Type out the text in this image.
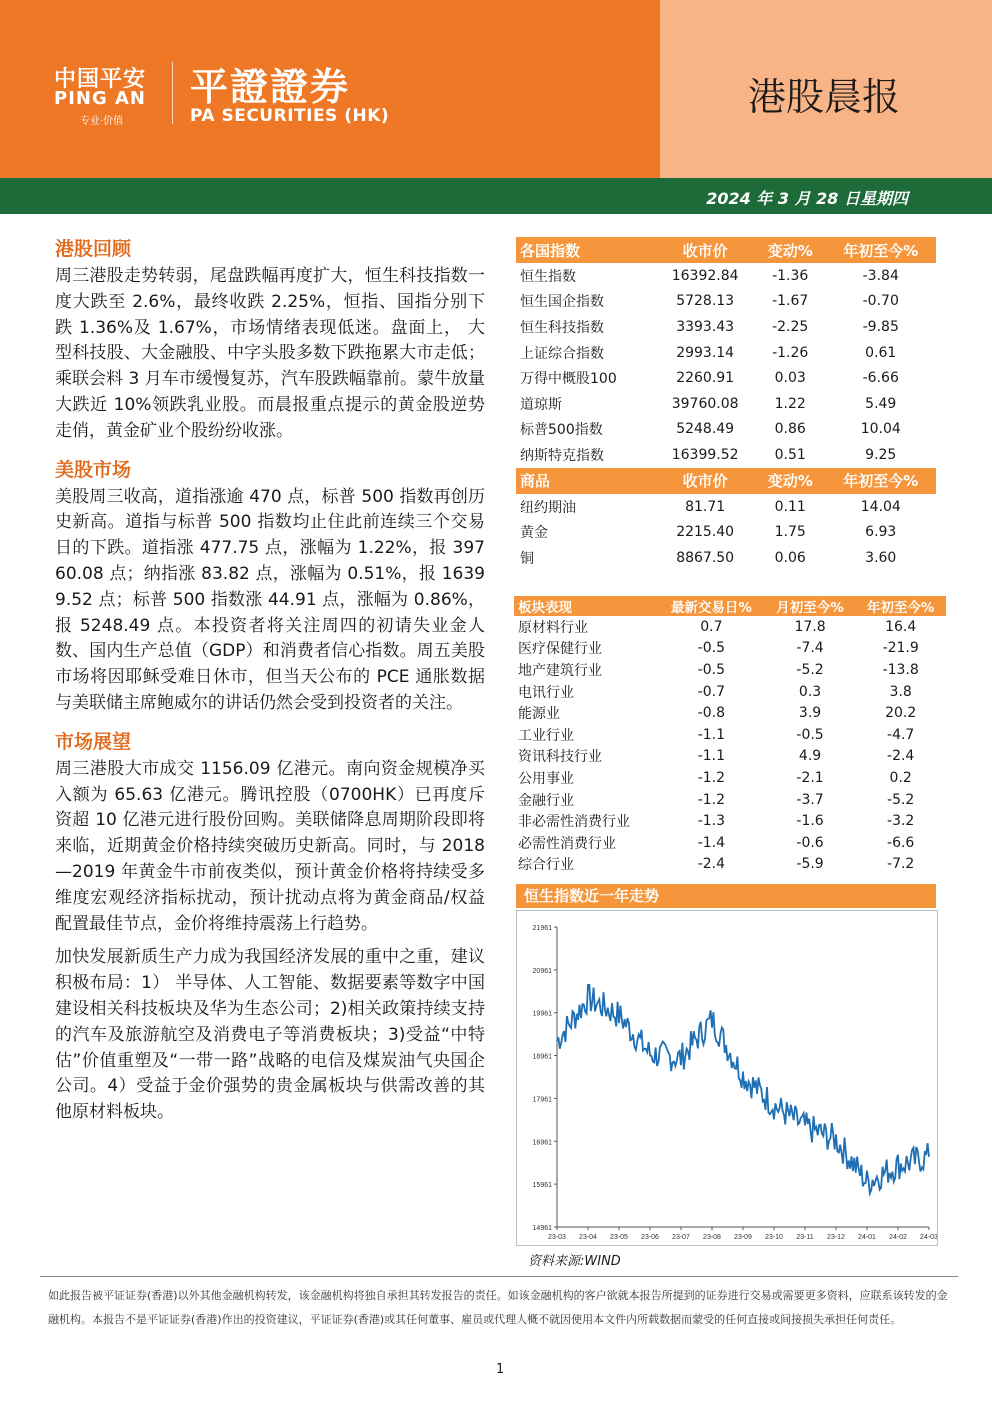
中国平安
PING AN
专业·价值
平證證券
PA SECURITIES (HK)	港股晨报
2024 年 3 月 28 日星期四
港股回顾

周三港股走势转弱，尾盘跌幅再度扩大，恒生科技指数一度大跌至 2.6%，最终收跌 2.25%，恒指、国指分别下跌 1.36%及 1.67%，市场情绪表现低迷。盘面上， 大型科技股、大金融股、中字头股多数下跌拖累大市走低；乘联会料 3 月车市缓慢复苏，汽车股跌幅靠前。蒙牛放量大跌近 10%领跌乳业股。而晨报重点提示的黄金股逆势走俏，黄金矿业个股纷纷收涨。

美股市场

美股周三收高，道指涨逾 470 点，标普 500 指数再创历史新高。道指与标普 500 指数均止住此前连续三个交易日的下跌。道指涨 477.75 点，涨幅为 1.22%，报 39760.08 点；纳指涨 83.82 点，涨幅为 0.51%，报 16399.52 点；标普 500 指数涨 44.91 点，涨幅为 0.86%，报 5248.49 点。本投资者将关注周四的初请失业金人数、国内生产总值（GDP）和消费者信心指数。周五美股市场将因耶稣受难日休市，但当天公布的 PCE 通胀数据与美联储主席鲍威尔的讲话仍然会受到投资者的关注。

市场展望

周三港股大市成交 1156.09 亿港元。南向资金规模净买入额为 65.63 亿港元。腾讯控股（0700HK）已再度斥资超 10 亿港元进行股份回购。美联储降息周期阶段即将来临，近期黄金价格持续突破历史新高。同时，与 2018—2019 年黄金牛市前夜类似，预计黄金价格将持续受多维度宏观经济指标扰动，预计扰动点将为黄金商品/权益配置最佳节点，金价将维持震荡上行趋势。

加快发展新质生产力成为我国经济发展的重中之重，建议积极布局：1） 半导体、人工智能、数据要素等数字中国建设相关科技板块及华为生态公司；2)相关政策持续支持的汽车及旅游航空及消费电子等消费板块；3)受益“中特估”价值重塑及“一带一路”战略的电信及煤炭油气央国企公司。4）受益于金价强势的贵金属板块与供需改善的其他原材料板块。

各国指数	收市价	变动%	年初至今%
恒生指数	16392.84	-1.36	-3.84
恒生国企指数	5728.13	-1.67	-0.70
恒生科技指数	3393.43	-2.25	-9.85
上证综合指数	2993.14	-1.26	0.61
万得中概股100	2260.91	0.03	-6.66
道琼斯	39760.08	1.22	5.49
标普500指数	5248.49	0.86	10.04
纳斯特克指数	16399.52	0.51	9.25
商品	收市价	变动%	年初至今%
纽约期油	81.71	0.11	14.04
黄金	2215.40	1.75	6.93
铜	8867.50	0.06	3.60
板块表现	最新交易日%	月初至今%	年初至今%
原材料行业	0.7	17.8	16.4
医疗保健行业	-0.5	-7.4	-21.9
地产建筑行业	-0.5	-5.2	-13.8
电讯行业	-0.7	0.3	3.8
能源业	-0.8	3.9	20.2
工业行业	-1.1	-0.5	-4.7
资讯科技行业	-1.1	4.9	-2.4
公用事业	-1.2	-2.1	0.2
金融行业	-1.2	-3.7	-5.2
非必需性消费行业	-1.3	-1.6	-3.2
必需性消费行业	-1.4	-0.6	-6.6
综合行业	-2.4	-5.9	-7.2
恒生指数近一年走势
21961
20961
19961
18961
17961
16961
15961
14961
23-03 23-04 23-05 23-06 23-07 23-08 23-09 23-10 23-11 23-12 24-01 24-02 24-03
资料来源:WIND
如此报告被平证证券(香港)以外其他金融机构转发，该金融机构将独自承担其转发报告的责任。如该金融机构的客户欲就本报告所提到的证券进行交易或需要更多资料，应联系该转发的金融机构。本报告不是平证证券(香港)作出的投资建议，平证证券(香港)或其任何董事、雇员或代理人概不就因使用本文件内所载数据而蒙受的任何直接或间接损失承担任何责任。
1
